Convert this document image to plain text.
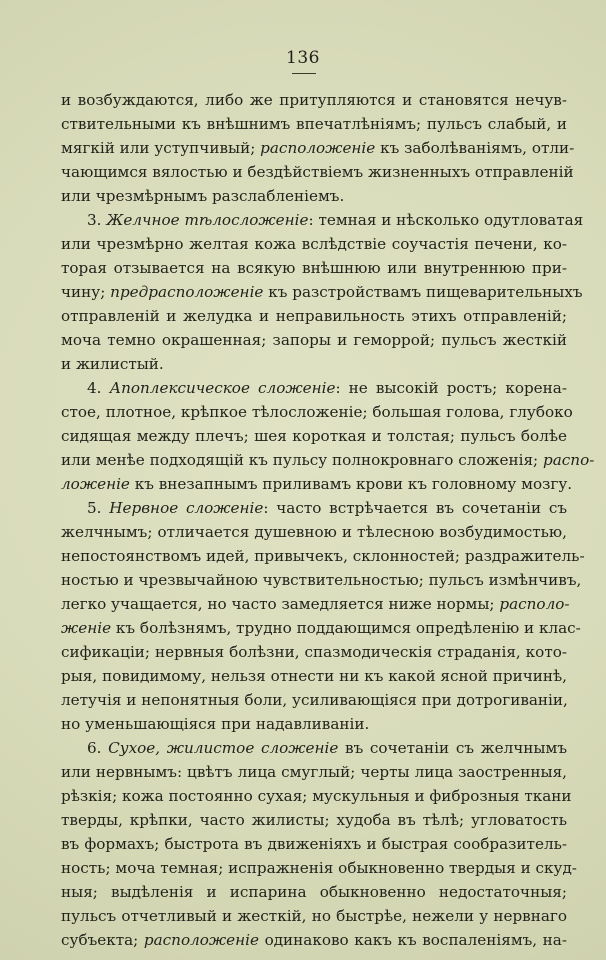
136
и возбуждаются, либо же притупляются и становятся нечув-
ствительными къ внѣшнимъ впечатлѣніямъ; пульсъ слабый, и
мягкій или уступчивый; расположеніе къ заболѣваніямъ, отли-
чающимся вялостью и бездѣйствіемъ жизненныхъ отправленій
или чрезмѣрнымъ разслабленіемъ.
3. Желчное тѣлосложеніе: темная и нѣсколько одутловатая
или чрезмѣрно желтая кожа вслѣдствіе соучастія печени, ко-
торая отзывается на всякую внѣшнюю или внутреннюю при-
чину; предрасположеніе къ разстройствамъ пищеварительныхъ
отправленій и желудка и неправильность этихъ отправленій;
моча темно окрашенная; запоры и геморрой; пульсъ жесткій
и жилистый.
4. Апоплексическое сложеніе: не высокій ростъ; корена-
стое, плотное, крѣпкое тѣлосложеніе; большая голова, глубоко
сидящая между плечъ; шея короткая и толстая; пульсъ болѣе
или менѣе подходящій къ пульсу полнокровнаго сложенія; распо-
ложеніе къ внезапнымъ приливамъ крови къ головному мозгу.
5. Нервное сложеніе: часто встрѣчается въ сочетаніи съ
желчнымъ; отличается душевною и тѣлесною возбудимостью,
непостоянствомъ идей, привычекъ, склонностей; раздражитель-
ностью и чрезвычайною чувствительностью; пульсъ измѣнчивъ,
легко учащается, но часто замедляется ниже нормы; располо-
женіе къ болѣзнямъ, трудно поддающимся опредѣленію и клас-
сификаціи; нервныя болѣзни, спазмодическія страданія, кото-
рыя, повидимому, нельзя отнести ни къ какой ясной причинѣ,
летучія и непонятныя боли, усиливающіяся при дотрогиваніи,
но уменьшающіяся при надавливаніи.
6. Сухое, жилистое сложеніе въ сочетаніи съ желчнымъ
или нервнымъ: цвѣтъ лица смуглый; черты лица заостренныя,
рѣзкія; кожа постоянно сухая; мускульныя и фиброзныя ткани
тверды, крѣпки, часто жилисты; худоба въ тѣлѣ; угловатость
въ формахъ; быстрота въ движеніяхъ и быстрая сообразитель-
ность; моча темная; испражненія обыкновенно твердыя и скуд-
ныя; выдѣленія и испарина обыкновенно недостаточныя;
пульсъ отчетливый и жесткій, но быстрѣе, нежели у нервнаго
субъекта; расположеніе одинаково какъ къ воспаленіямъ, на-
